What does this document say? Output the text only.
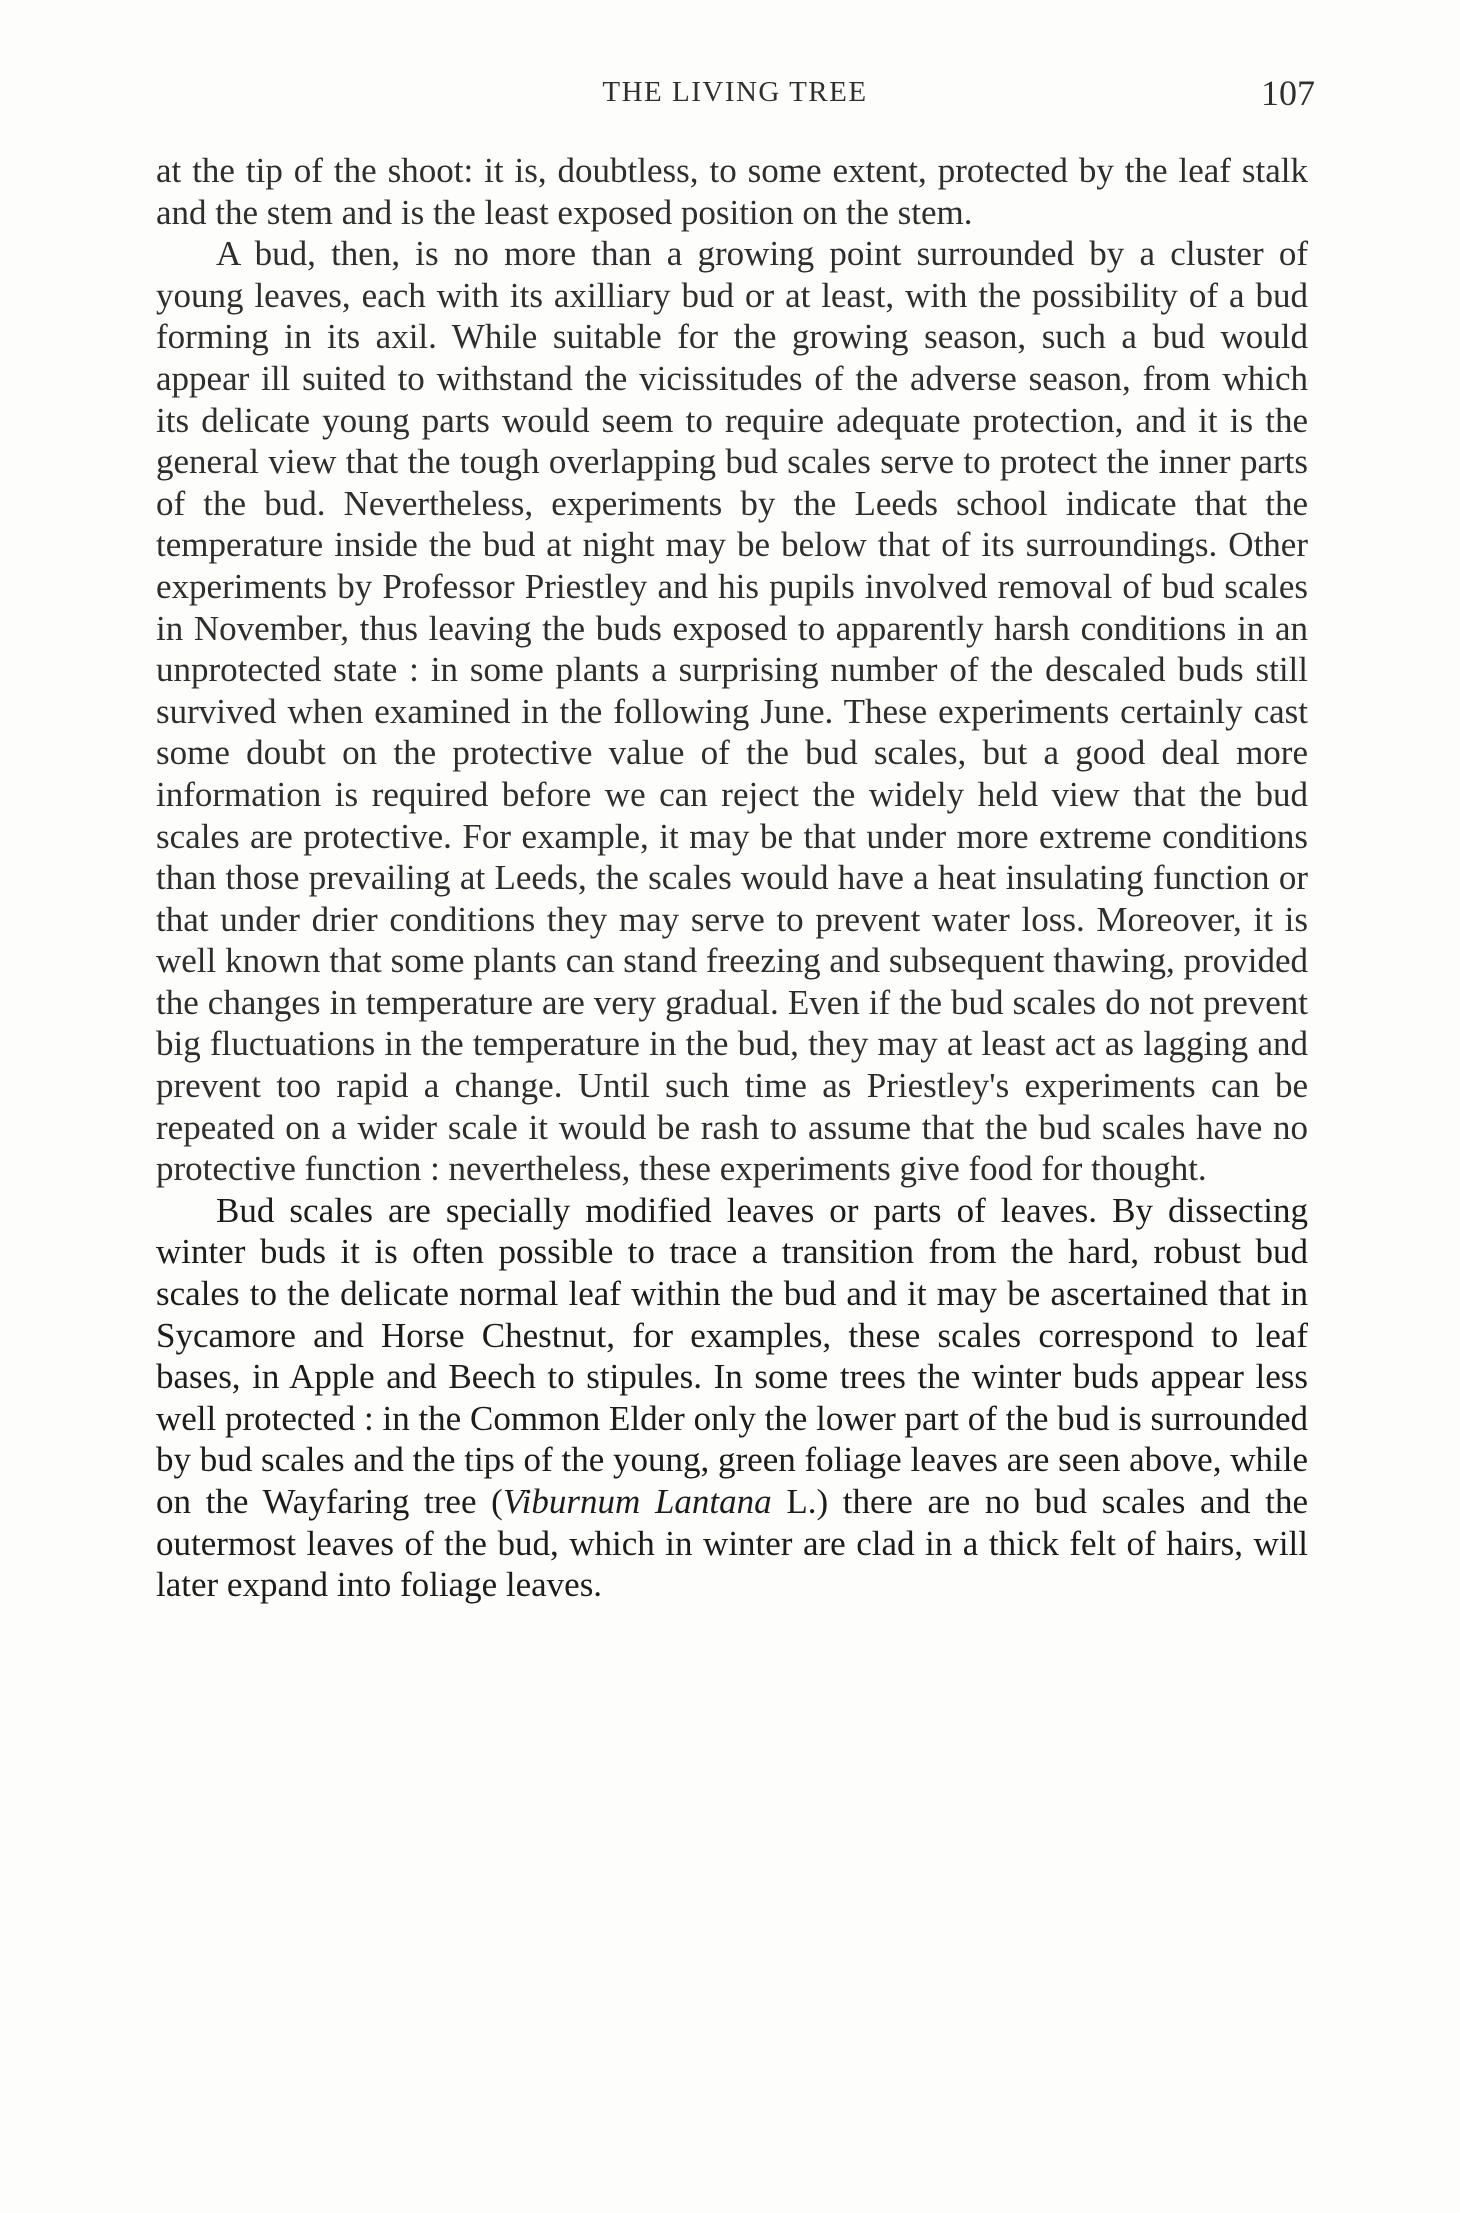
THE LIVING TREE	107

at the tip of the shoot: it is, doubtless, to some extent, protected by the leaf stalk and the stem and is the least exposed position on the stem.

A bud, then, is no more than a growing point surrounded by a cluster of young leaves, each with its axilliary bud or at least, with the possibility of a bud forming in its axil. While suitable for the growing season, such a bud would appear ill suited to withstand the vicissitudes of the adverse season, from which its delicate young parts would seem to require adequate protection, and it is the general view that the tough overlapping bud scales serve to protect the inner parts of the bud. Nevertheless, experiments by the Leeds school indicate that the temperature inside the bud at night may be below that of its surroundings. Other experiments by Professor Priestley and his pupils involved removal of bud scales in November, thus leaving the buds exposed to apparently harsh conditions in an unprotected state : in some plants a surprising number of the descaled buds still survived when examined in the following June. These experiments certainly cast some doubt on the protective value of the bud scales, but a good deal more information is required before we can reject the widely held view that the bud scales are protective. For example, it may be that under more extreme conditions than those prevailing at Leeds, the scales would have a heat insulating function or that under drier conditions they may serve to prevent water loss. Moreover, it is well known that some plants can stand freezing and subsequent thawing, provided the changes in temperature are very gradual. Even if the bud scales do not prevent big fluctuations in the temperature in the bud, they may at least act as lagging and prevent too rapid a change. Until such time as Priestley's experiments can be repeated on a wider scale it would be rash to assume that the bud scales have no protective function : nevertheless, these experiments give food for thought.

Bud scales are specially modified leaves or parts of leaves. By dissecting winter buds it is often possible to trace a transition from the hard, robust bud scales to the delicate normal leaf within the bud and it may be ascertained that in Sycamore and Horse Chestnut, for examples, these scales correspond to leaf bases, in Apple and Beech to stipules. In some trees the winter buds appear less well protected : in the Common Elder only the lower part of the bud is surrounded by bud scales and the tips of the young, green foliage leaves are seen above, while on the Wayfaring tree (Viburnum Lantana L.) there are no bud scales and the outermost leaves of the bud, which in winter are clad in a thick felt of hairs, will later expand into foliage leaves.
